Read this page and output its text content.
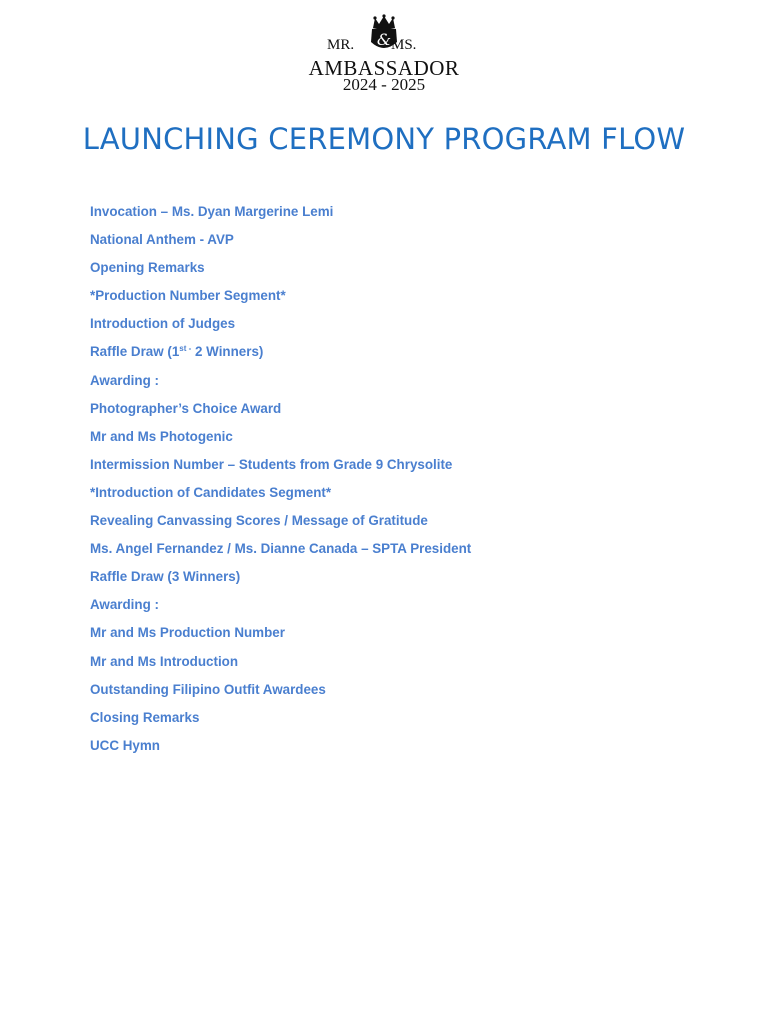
&
MR. MS.
AMBASSADOR
2024 - 2025
LAUNCHING CEREMONY PROGRAM FLOW
Invocation – Ms. Dyan Margerine Lemi
National Anthem - AVP
Opening Remarks
*Production Number Segment*
Introduction of Judges
Raffle Draw ($1^{st -}$ 2 Winners)
Awarding :
Photographer’s Choice Award
Mr and Ms Photogenic
Intermission Number – Students from Grade 9 Chrysolite
*Introduction of Candidates Segment*
Revealing Canvassing Scores / Message of Gratitude
Ms. Angel Fernandez / Ms. Dianne Canada – SPTA President
Raffle Draw (3 Winners)
Awarding :
Mr and Ms Production Number
Mr and Ms Introduction
Outstanding Filipino Outfit Awardees
Closing Remarks
UCC Hymn
